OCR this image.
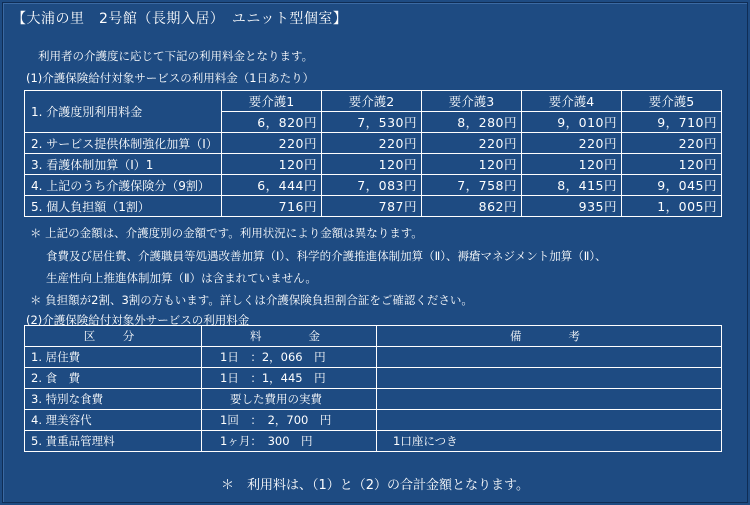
【大浦の里　2号館（長期入居）　ユニット型個室】
利用者の介護度に応じて下記の利用料金となります。
(1)介護保険給付対象サービスの利用料金（1日あたり）
1. 介護度別利用料金	要介護1	要介護2	要介護3	要介護4	要介護5
	6，820円	7，530円	8，280円	9，010円	9，710円
2. サービス提供体制強化加算（Ⅰ）	220円	220円	220円	220円	220円
3. 看護体制加算（Ⅰ）1	120円	120円	120円	120円	120円
4. 上記のうち介護保険分（9割）	6，444円	7，083円	7，758円	8，415円	9，045円
5. 個人負担額（1割）	716円	787円	862円	935円	1，005円
＊ 上記の金額は、介護度別の金額です。利用状況により金額は異なります。
食費及び居住費、介護職員等処遇改善加算（Ⅰ）、科学的介護推進体制加算（Ⅱ）、褥瘡マネジメント加算（Ⅱ）、
生産性向上推進体制加算（Ⅱ）は含まれていません。
＊ 負担額が2割、3割の方もいます。詳しくは介護保険負担割合証をご確認ください。
(2)介護保険給付対象外サービスの利用料金
区　分	料　　金	備　　考
1. 居住費	1日　：2，066　円	
2. 食　費	1日　：1，445　円	
3. 特別な食費	要した費用の実費	
4. 理美容代	1回　：　2，700　円	
5. 貴重品管理料	1ヶ月：　300　円	1口座につき
＊　利用料は、（1）と（2）の合計金額となります。
